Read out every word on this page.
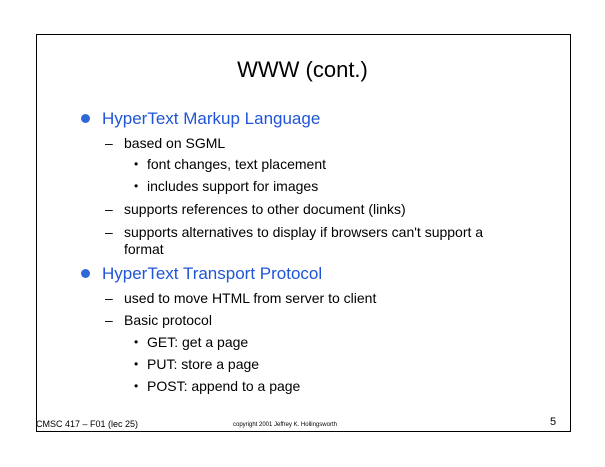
WWW (cont.)
HyperText Markup Language
– based on SGML
• font changes, text placement
• includes support for images
– supports references to other document (links)
– supports alternatives to display if browsers can't support a format
HyperText Transport Protocol
– used to move HTML from server to client
– Basic protocol
• GET: get a page
• PUT: store a page
• POST: append to a page
CMSC 417 – F01 (lec 25)	copyright 2001 Jeffrey K. Hollingsworth	5
